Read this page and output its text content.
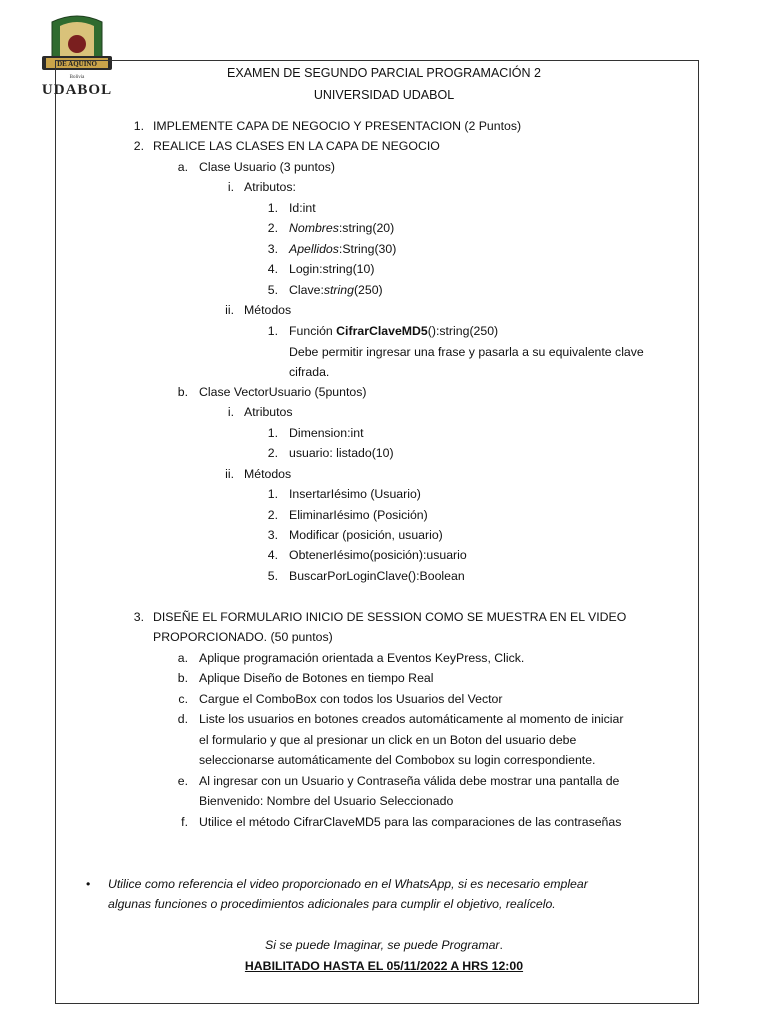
DE AQUINO
Bolivia
UDABOL
EXAMEN DE SEGUNDO PARCIAL PROGRAMACIÓN 2
UNIVERSIDAD UDABOL
1. IMPLEMENTE CAPA DE NEGOCIO Y PRESENTACION (2 Puntos)
2. REALICE LAS CLASES EN LA CAPA DE NEGOCIO
a. Clase Usuario (3 puntos)
i. Atributos:
1. Id:int
2. Nombres:string(20)
3. Apellidos:String(30)
4. Login:string(10)
5. Clave:string(250)
ii. Métodos
1. Función CifrarClaveMD5():string(250)
Debe permitir ingresar una frase y pasarla a su equivalente clave
cifrada.
b. Clase VectorUsuario (5puntos)
i. Atributos
1. Dimension:int
2. usuario: listado(10)
ii. Métodos
1. InsertarIésimo (Usuario)
2. EliminarIésimo (Posición)
3. Modificar (posición, usuario)
4. ObtenerIésimo(posición):usuario
5. BuscarPorLoginClave():Boolean
3. DISEÑE EL FORMULARIO INICIO DE SESSION COMO SE MUESTRA EN EL VIDEO
PROPORCIONADO. (50 puntos)
a. Aplique programación orientada a Eventos KeyPress, Click.
b. Aplique Diseño de Botones en tiempo Real
c. Cargue el ComboBox con todos los Usuarios del Vector
d. Liste los usuarios en botones creados automáticamente al momento de iniciar
el formulario y que al presionar un click en un Boton del usuario debe
seleccionarse automáticamente del Combobox su login correspondiente.
e. Al ingresar con un Usuario y Contraseña válida debe mostrar una pantalla de
Bienvenido: Nombre del Usuario Seleccionado
f. Utilice el método CifrarClaveMD5 para las comparaciones de las contraseñas
• Utilice como referencia el video proporcionado en el WhatsApp, si es necesario emplear
algunas funciones o procedimientos adicionales para cumplir el objetivo, realícelo.
Si se puede Imaginar, se puede Programar.
HABILITADO HASTA EL 05/11/2022 A HRS 12:00
